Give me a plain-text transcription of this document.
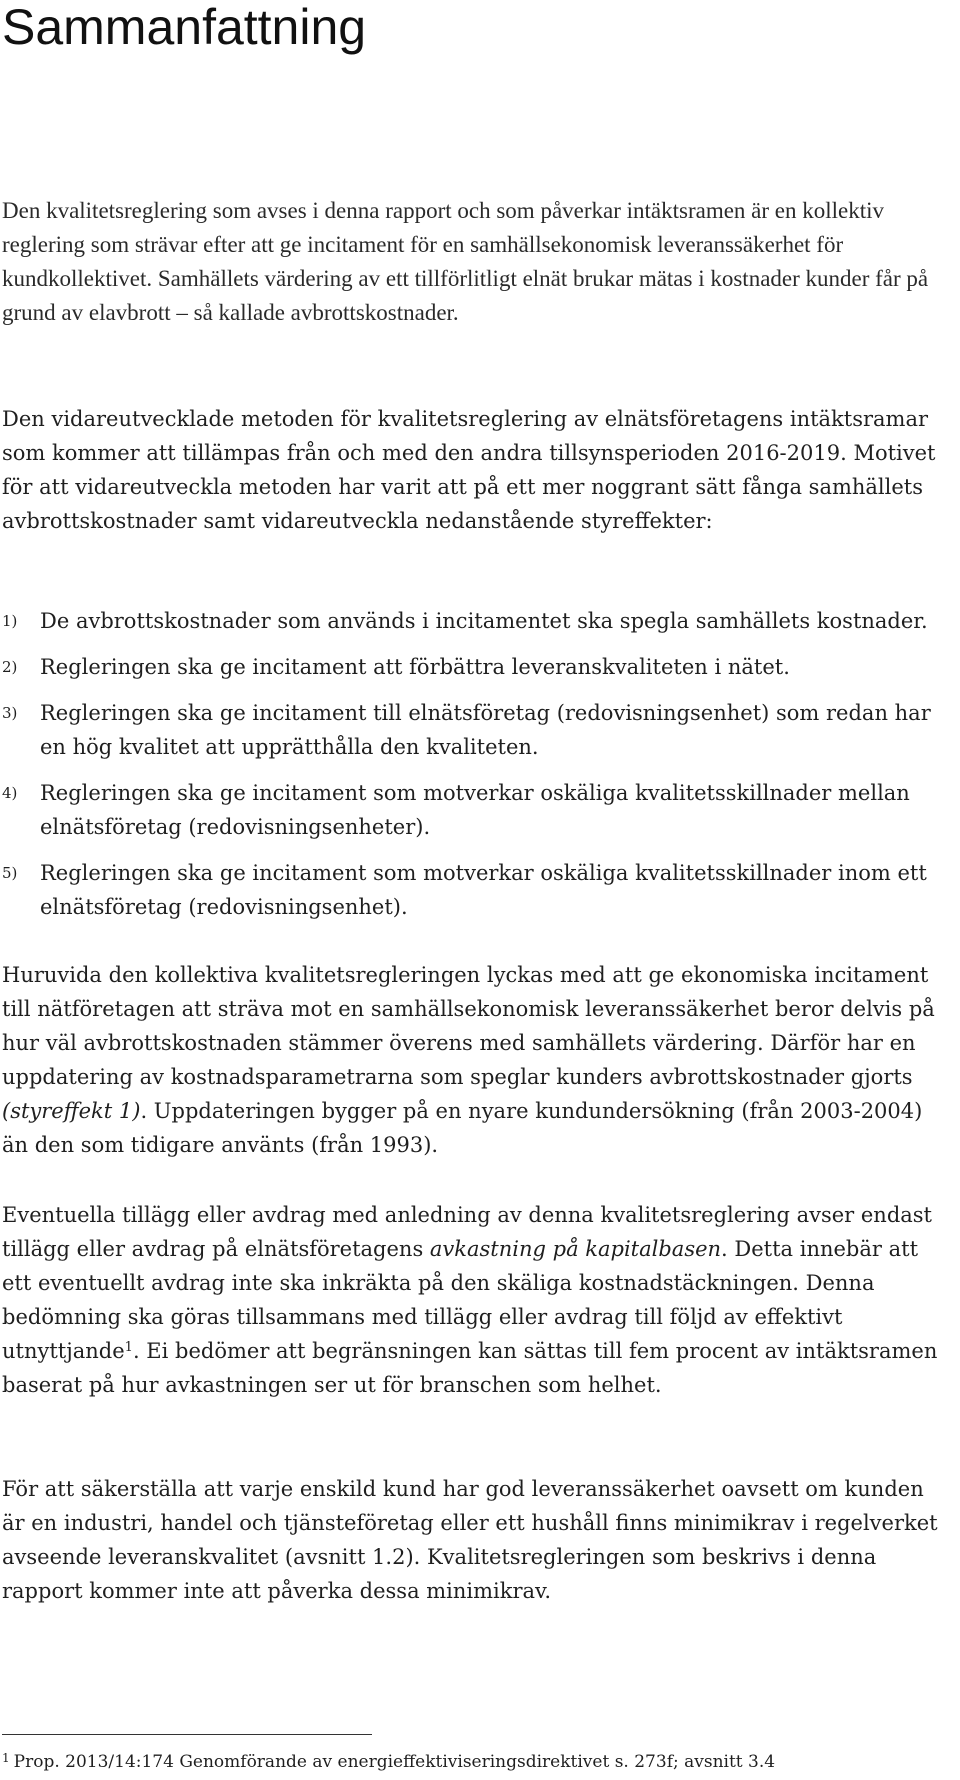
Sammanfattning

Den kvalitetsreglering som avses i denna rapport och som påverkar intäktsramen är en kollektiv reglering som strävar efter att ge incitament för en samhällsekonomisk leveranssäkerhet för kundkollektivet. Samhällets värdering av ett tillförlitligt elnät brukar mätas i kostnader kunder får på grund av elavbrott – så kallade avbrottskostnader.

Den vidareutvecklade metoden för kvalitetsreglering av elnätsföretagens intäktsramar som kommer att tillämpas från och med den andra tillsynsperioden 2016-2019. Motivet för att vidareutveckla metoden har varit att på ett mer noggrant sätt fånga samhällets avbrottskostnader samt vidareutveckla nedanstående styreffekter:

1) De avbrottskostnader som används i incitamentet ska spegla samhällets kostnader.
2) Regleringen ska ge incitament att förbättra leveranskvaliteten i nätet.
3) Regleringen ska ge incitament till elnätsföretag (redovisningsenhet) som redan har en hög kvalitet att upprätthålla den kvaliteten.
4) Regleringen ska ge incitament som motverkar oskäliga kvalitetsskillnader mellan elnätsföretag (redovisningsenheter).
5) Regleringen ska ge incitament som motverkar oskäliga kvalitetsskillnader inom ett elnätsföretag (redovisningsenhet).

Huruvida den kollektiva kvalitetsregleringen lyckas med att ge ekonomiska incitament till nätföretagen att sträva mot en samhällsekonomisk leveranssäkerhet beror delvis på hur väl avbrottskostnaden stämmer överens med samhällets värdering. Därför har en uppdatering av kostnadsparametrarna som speglar kunders avbrottskostnader gjorts (styreffekt 1). Uppdateringen bygger på en nyare kundundersökning (från 2003-2004) än den som tidigare använts (från 1993).

Eventuella tillägg eller avdrag med anledning av denna kvalitetsreglering avser endast tillägg eller avdrag på elnätsföretagens avkastning på kapitalbasen. Detta innebär att ett eventuellt avdrag inte ska inkräkta på den skäliga kostnadstäckningen. Denna bedömning ska göras tillsammans med tillägg eller avdrag till följd av effektivt utnyttjande$^1$. Ei bedömer att begränsningen kan sättas till fem procent av intäktsramen baserat på hur avkastningen ser ut för branschen som helhet.

För att säkerställa att varje enskild kund har god leveranssäkerhet oavsett om kunden är en industri, handel och tjänsteföretag eller ett hushåll finns minimikrav i regelverket avseende leveranskvalitet (avsnitt 1.2). Kvalitetsregleringen som beskrivs i denna rapport kommer inte att påverka dessa minimikrav.

$^1$ Prop. 2013/14:174 Genomförande av energieffektiviseringsdirektivet s. 273f; avsnitt 3.4
